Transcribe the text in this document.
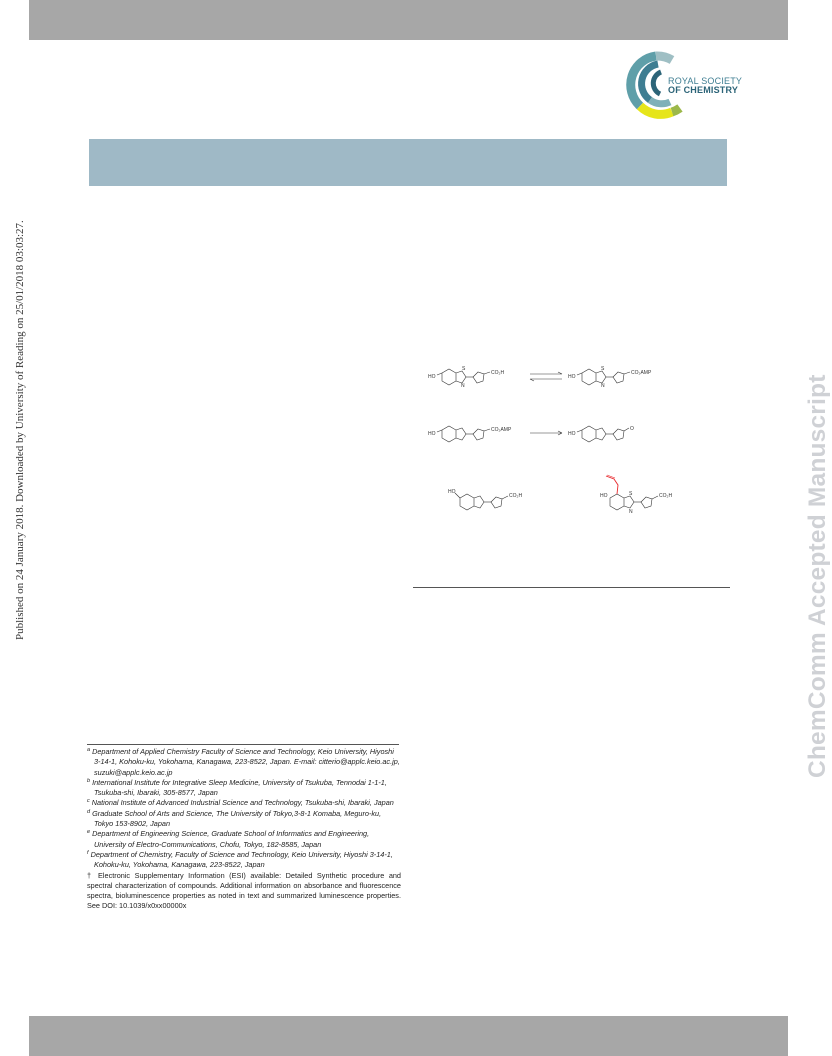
ROYAL SOCIETY
OF CHEMISTRY
Published on 24 January 2018. Downloaded by University of Reading on 25/01/2018 03:03:27.	ChemComm Accepted Manuscript
HO
CO₂H
HO
CO₂AMP
HO
CO₂AMP
HO
O
HO
CO₂H	HO	CO₂H
N
S	S
N
S
N

$^a$ Department of Applied Chemistry Faculty of Science and Technology, Keio University, Hiyoshi 3-14-1, Kohoku-ku, Yokohama, Kanagawa, 223-8522, Japan. E-mail: citterio@applc.keio.ac.jp, suzuki@applc.keio.ac.jp

$^b$ International Institute for Integrative Sleep Medicine, University of Tsukuba, Tennodai 1-1-1, Tsukuba-shi, Ibaraki, 305-8577, Japan

$^c$ National Institute of Advanced Industrial Science and Technology, Tsukuba-shi, Ibaraki, Japan

$^d$ Graduate School of Arts and Science, The University of Tokyo,3-8-1 Komaba, Meguro-ku, Tokyo 153-8902, Japan

$^e$ Department of Engineering Science, Graduate School of Informatics and Engineering, University of Electro-Communications, Chofu, Tokyo, 182-8585, Japan

$^f$ Department of Chemistry, Faculty of Science and Technology, Keio University, Hiyoshi 3-14-1, Kohoku-ku, Yokohama, Kanagawa, 223-8522, Japan

† Electronic Supplementary Information (ESI) available: Detailed Synthetic procedure and spectral characterization of compounds. Additional information on absorbance and fluorescence spectra, bioluminescence properties as noted in text and summarized luminescence properties. See DOI: 10.1039/x0xx00000x
